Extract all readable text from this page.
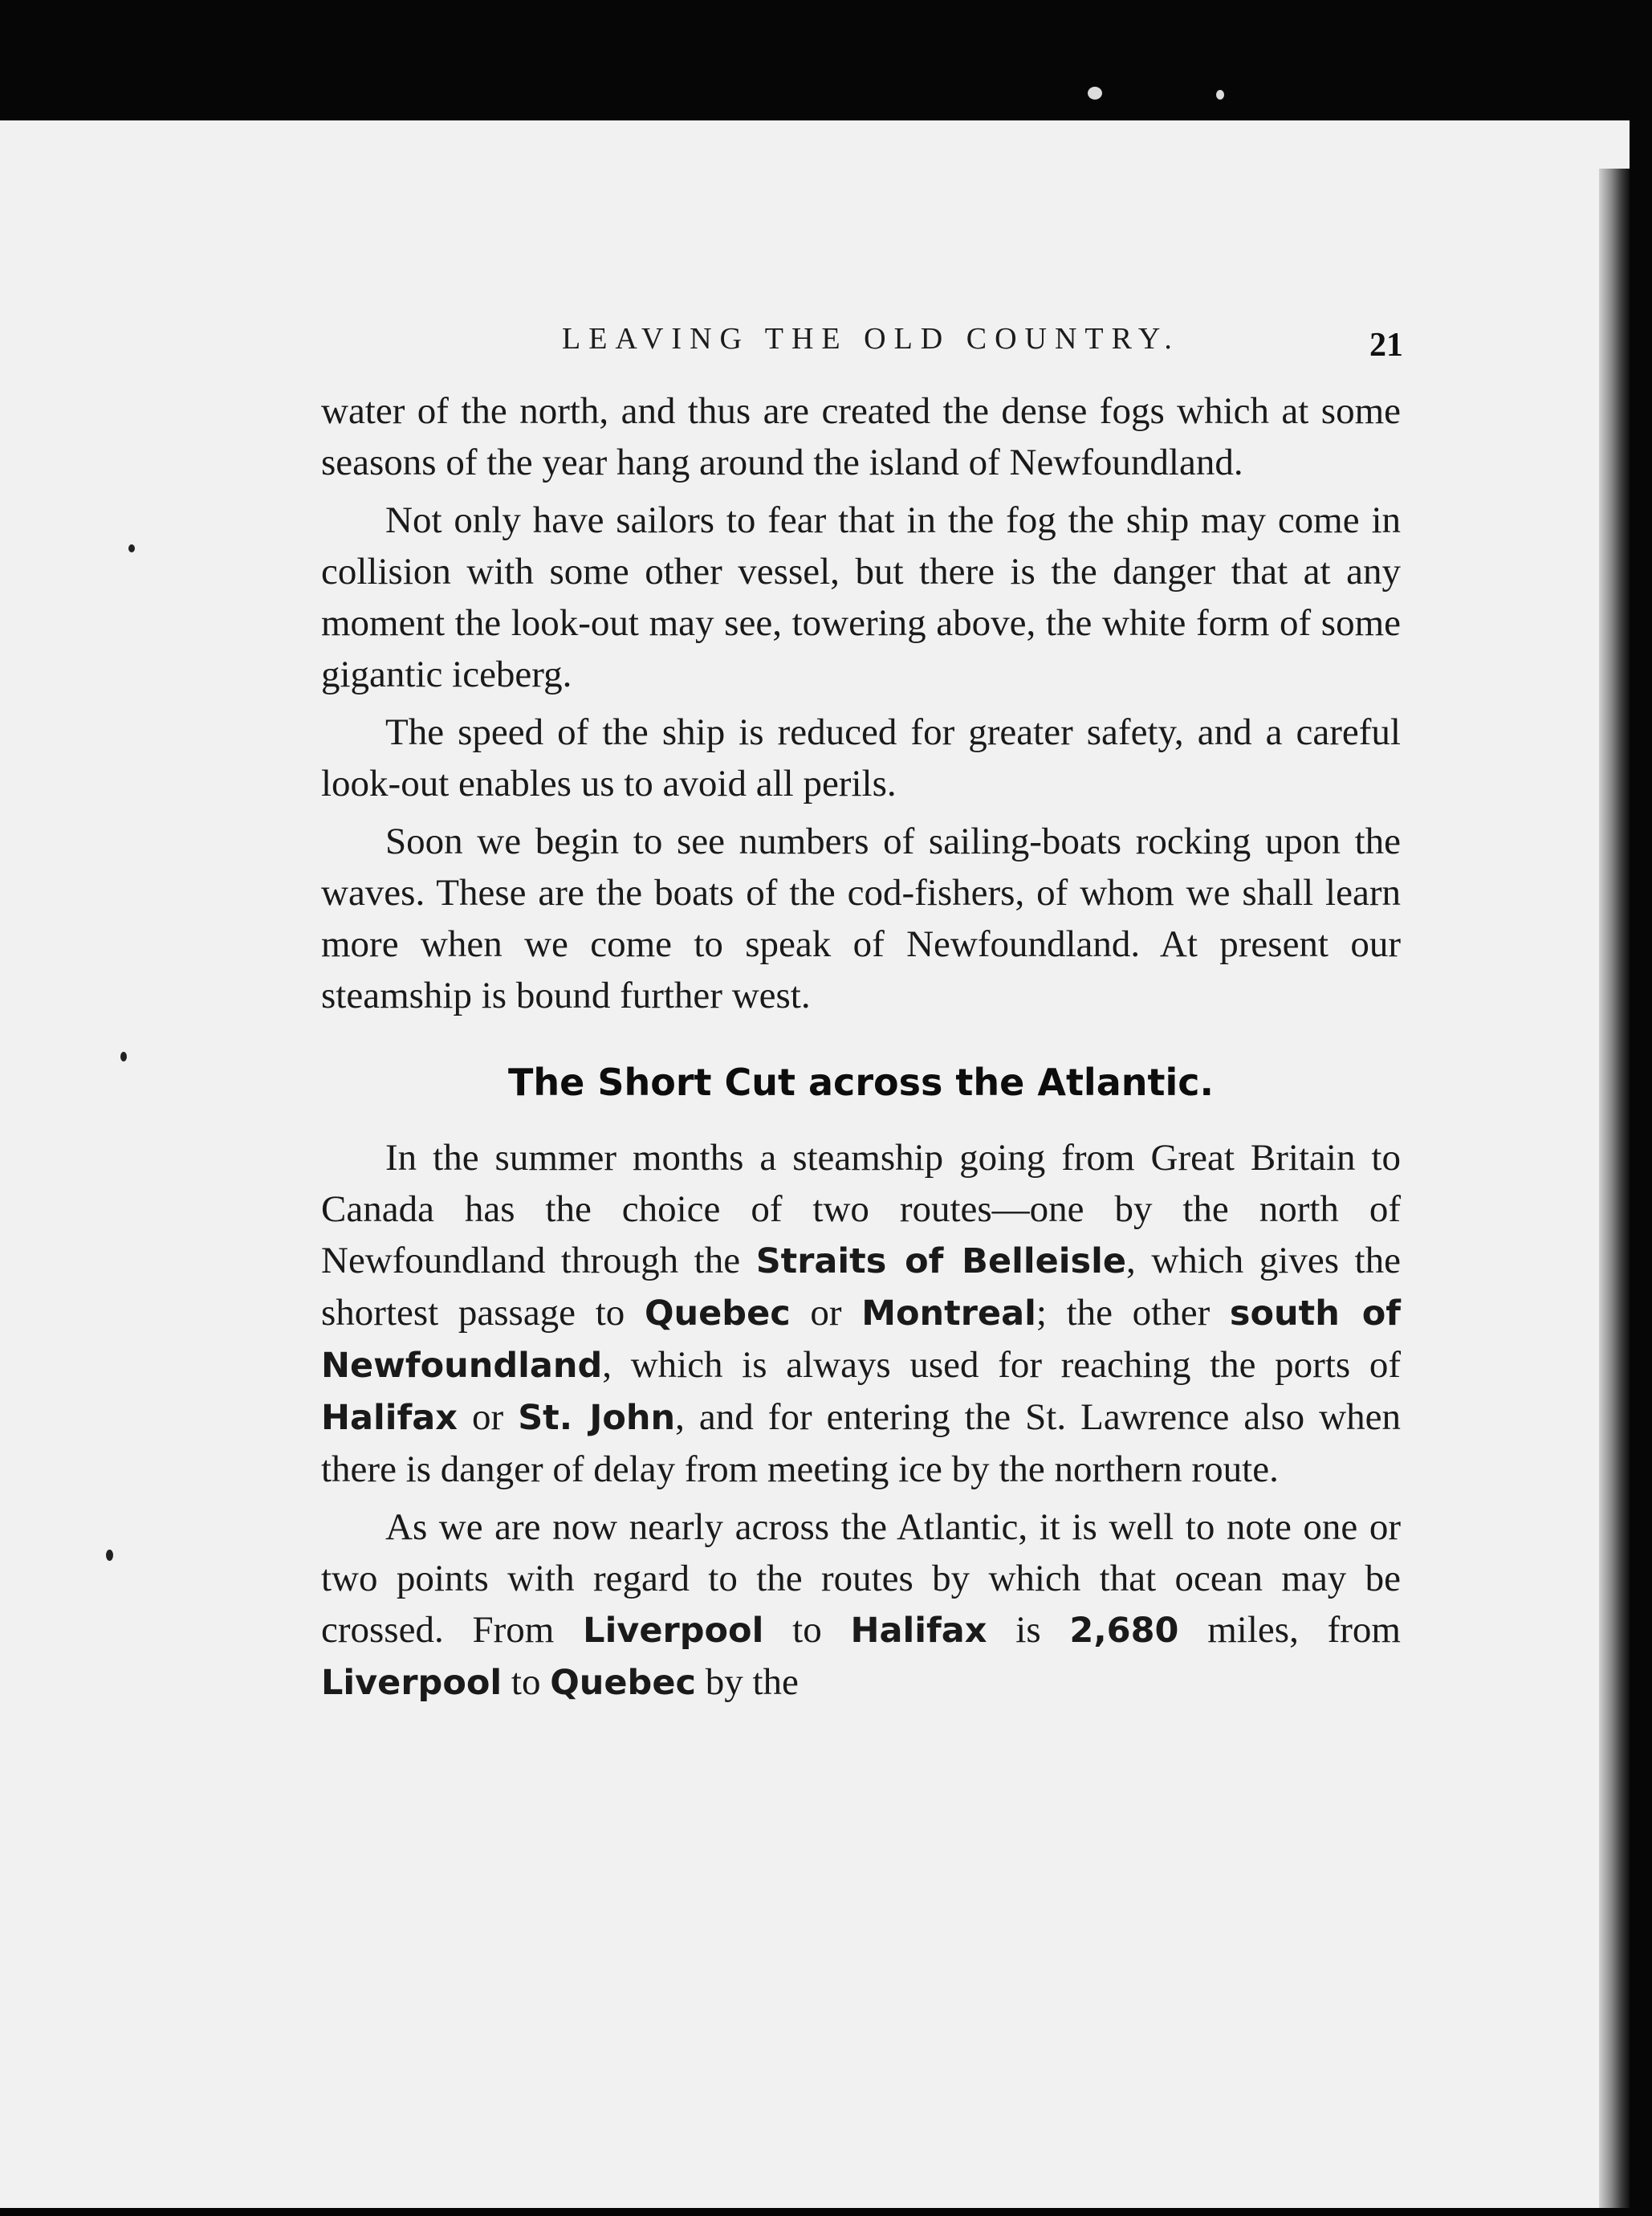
LEAVING THE OLD COUNTRY.	21

water of the north, and thus are created the dense fogs which at some seasons of the year hang around the island of Newfoundland.

Not only have sailors to fear that in the fog the ship may come in collision with some other vessel, but there is the danger that at any moment the look-out may see, towering above, the white form of some gigantic iceberg.

The speed of the ship is reduced for greater safety, and a careful look-out enables us to avoid all perils.

Soon we begin to see numbers of sailing-boats rocking upon the waves. These are the boats of the cod-fishers, of whom we shall learn more when we come to speak of Newfoundland. At present our steamship is bound further west.

The Short Cut across the Atlantic.

In the summer months a steamship going from Great Britain to Canada has the choice of two routes—one by the north of Newfoundland through the Straits of Belleisle, which gives the shortest passage to Quebec or Montreal; the other south of Newfoundland, which is always used for reaching the ports of Halifax or St. John, and for entering the St. Lawrence also when there is danger of delay from meeting ice by the northern route.

As we are now nearly across the Atlantic, it is well to note one or two points with regard to the routes by which that ocean may be crossed. From Liverpool to Halifax is 2,680 miles, from Liverpool to Quebec by the
